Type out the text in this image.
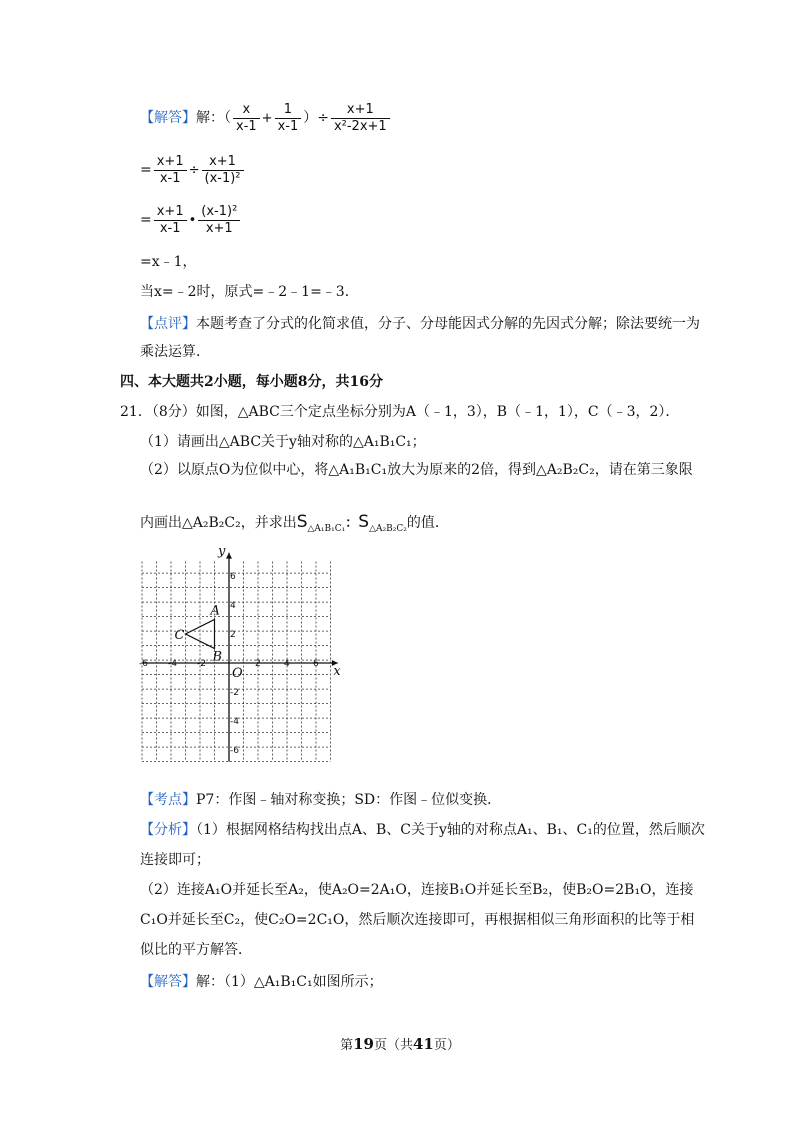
【解答】解：（ $\frac{x}{x-1} + \frac{1}{x-1}$ ）÷ $\frac{x+1}{\text{x²-2x+1}}$
= $\frac{x+1}{x-1} \div \frac{x+1}{\text{(x-1)²}}$
= $\frac{x+1}{x-1}$ • $\frac{\text{(x-1)²}}{x+1}$
=x﹣1，
当x=﹣2时，原式=﹣2﹣1=﹣3．
【点评】本题考查了分式的化简求值，分子、分母能因式分解的先因式分解；除法要统一为
乘法运算．
四、本大题共2小题，每小题8分，共16分
21．（8分）如图，△ABC三个定点坐标分别为A（﹣1，3），B（﹣1，1），C（﹣3，2）．
（1）请画出△ABC关于y轴对称的△A₁B₁C₁；
（2）以原点O为位似中心，将△A₁B₁C₁放大为原来的2倍，得到△A₂B₂C₂，请在第三象限
内画出△A₂B₂C₂，并求出$S_{\triangle A_1B_1C_1}$：$S_{\triangle A_2B_2C_2}$的值．
-6 -4 -2	2	4	6
6
4
2
-2
-4
-6
x
y
O
A
B
C
【考点】P7：作图﹣轴对称变换；SD：作图﹣位似变换．
【分析】（1）根据网格结构找出点A、B、C关于y轴的对称点A₁、B₁、C₁的位置，然后顺次
连接即可；
（2）连接A₁O并延长至A₂，使A₂O=2A₁O，连接B₁O并延长至B₂，使B₂O=2B₁O，连接
C₁O并延长至C₂，使C₂O=2C₁O，然后顺次连接即可，再根据相似三角形面积的比等于相
似比的平方解答．
【解答】解：（1）△A₁B₁C₁如图所示；
第19页（共41页）
